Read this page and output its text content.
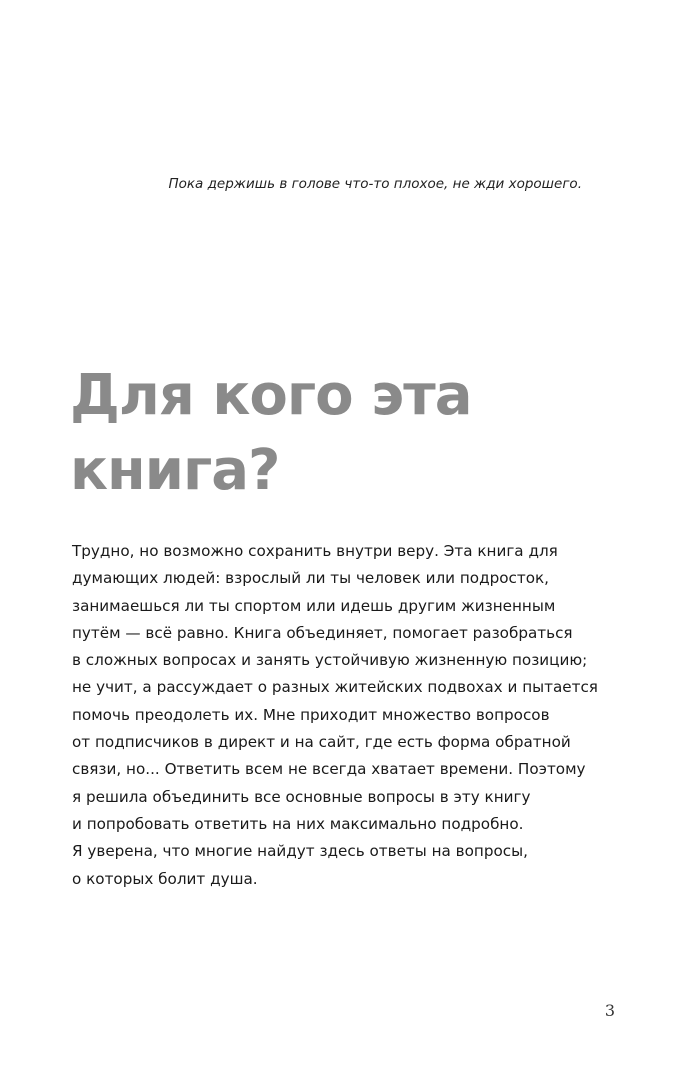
Пока держишь в голове что-то плохое, не жди хорошего.
Для кого эта
книга?
Трудно, но возможно сохранить внутри веру. Эта книга для
думающих людей: взрослый ли ты человек или подросток,
занимаешься ли ты спортом или идешь другим жизненным
путём — всё равно. Книга объединяет, помогает разобраться
в сложных вопросах и занять устойчивую жизненную позицию;
не учит, а рассуждает о разных житейских подвохах и пытается
помочь преодолеть их. Мне приходит множество вопросов
от подписчиков в директ и на сайт, где есть форма обратной
связи, но... Ответить всем не всегда хватает времени. Поэтому
я решила объединить все основные вопросы в эту книгу
и попробовать ответить на них максимально подробно.
Я уверена, что многие найдут здесь ответы на вопросы,
о которых болит душа.
3
